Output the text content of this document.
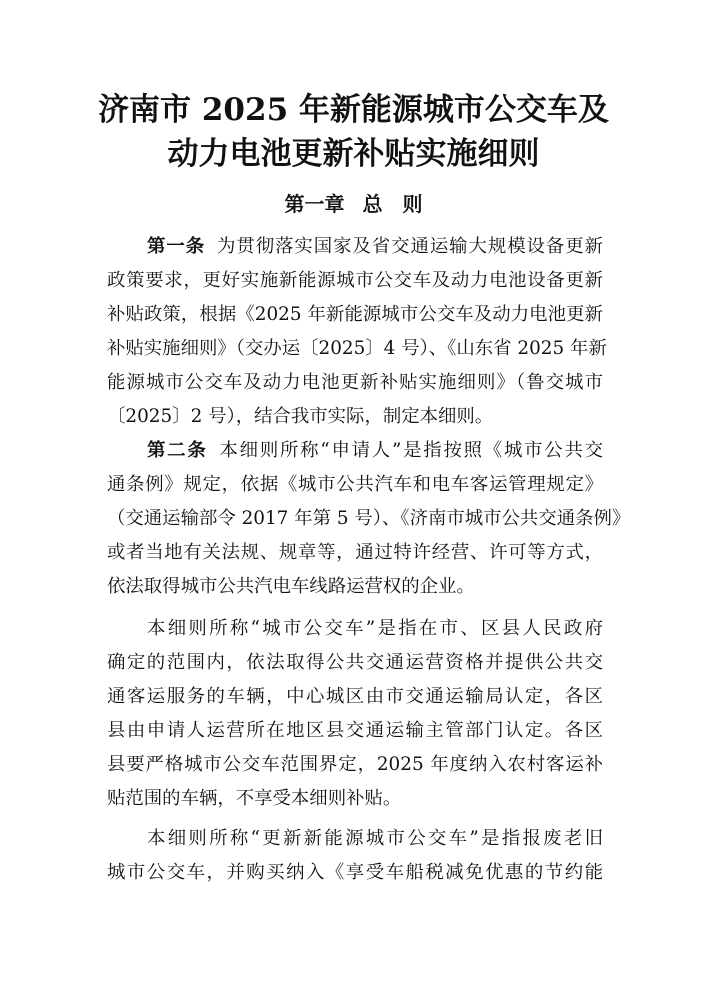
济南市 2025 年新能源城市公交车及
动力电池更新补贴实施细则
第一章 总　则
第一条 为贯彻落实国家及省交通运输大规模设备更新
政策要求，更好实施新能源城市公交车及动力电池设备更新
补贴政策，根据《2025 年新能源城市公交车及动力电池更新
补贴实施细则》（交办运〔2025〕4 号）、《山东省 2025 年新
能源城市公交车及动力电池更新补贴实施细则》（鲁交城市
〔2025〕2 号），结合我市实际，制定本细则。
第二条 本细则所称“申请人”是指按照《城市公共交
通条例》规定，依据《城市公共汽车和电车客运管理规定》
（交通运输部令 2017 年第 5 号）、《济南市城市公共交通条例》
或者当地有关法规、规章等，通过特许经营、许可等方式，
依法取得城市公共汽电车线路运营权的企业。
本细则所称“城市公交车”是指在市、区县人民政府
确定的范围内，依法取得公共交通运营资格并提供公共交
通客运服务的车辆，中心城区由市交通运输局认定，各区
县由申请人运营所在地区县交通运输主管部门认定。各区
县要严格城市公交车范围界定，2025 年度纳入农村客运补
贴范围的车辆，不享受本细则补贴。
本细则所称“更新新能源城市公交车”是指报废老旧
城市公交车，并购买纳入《享受车船税减免优惠的节约能
